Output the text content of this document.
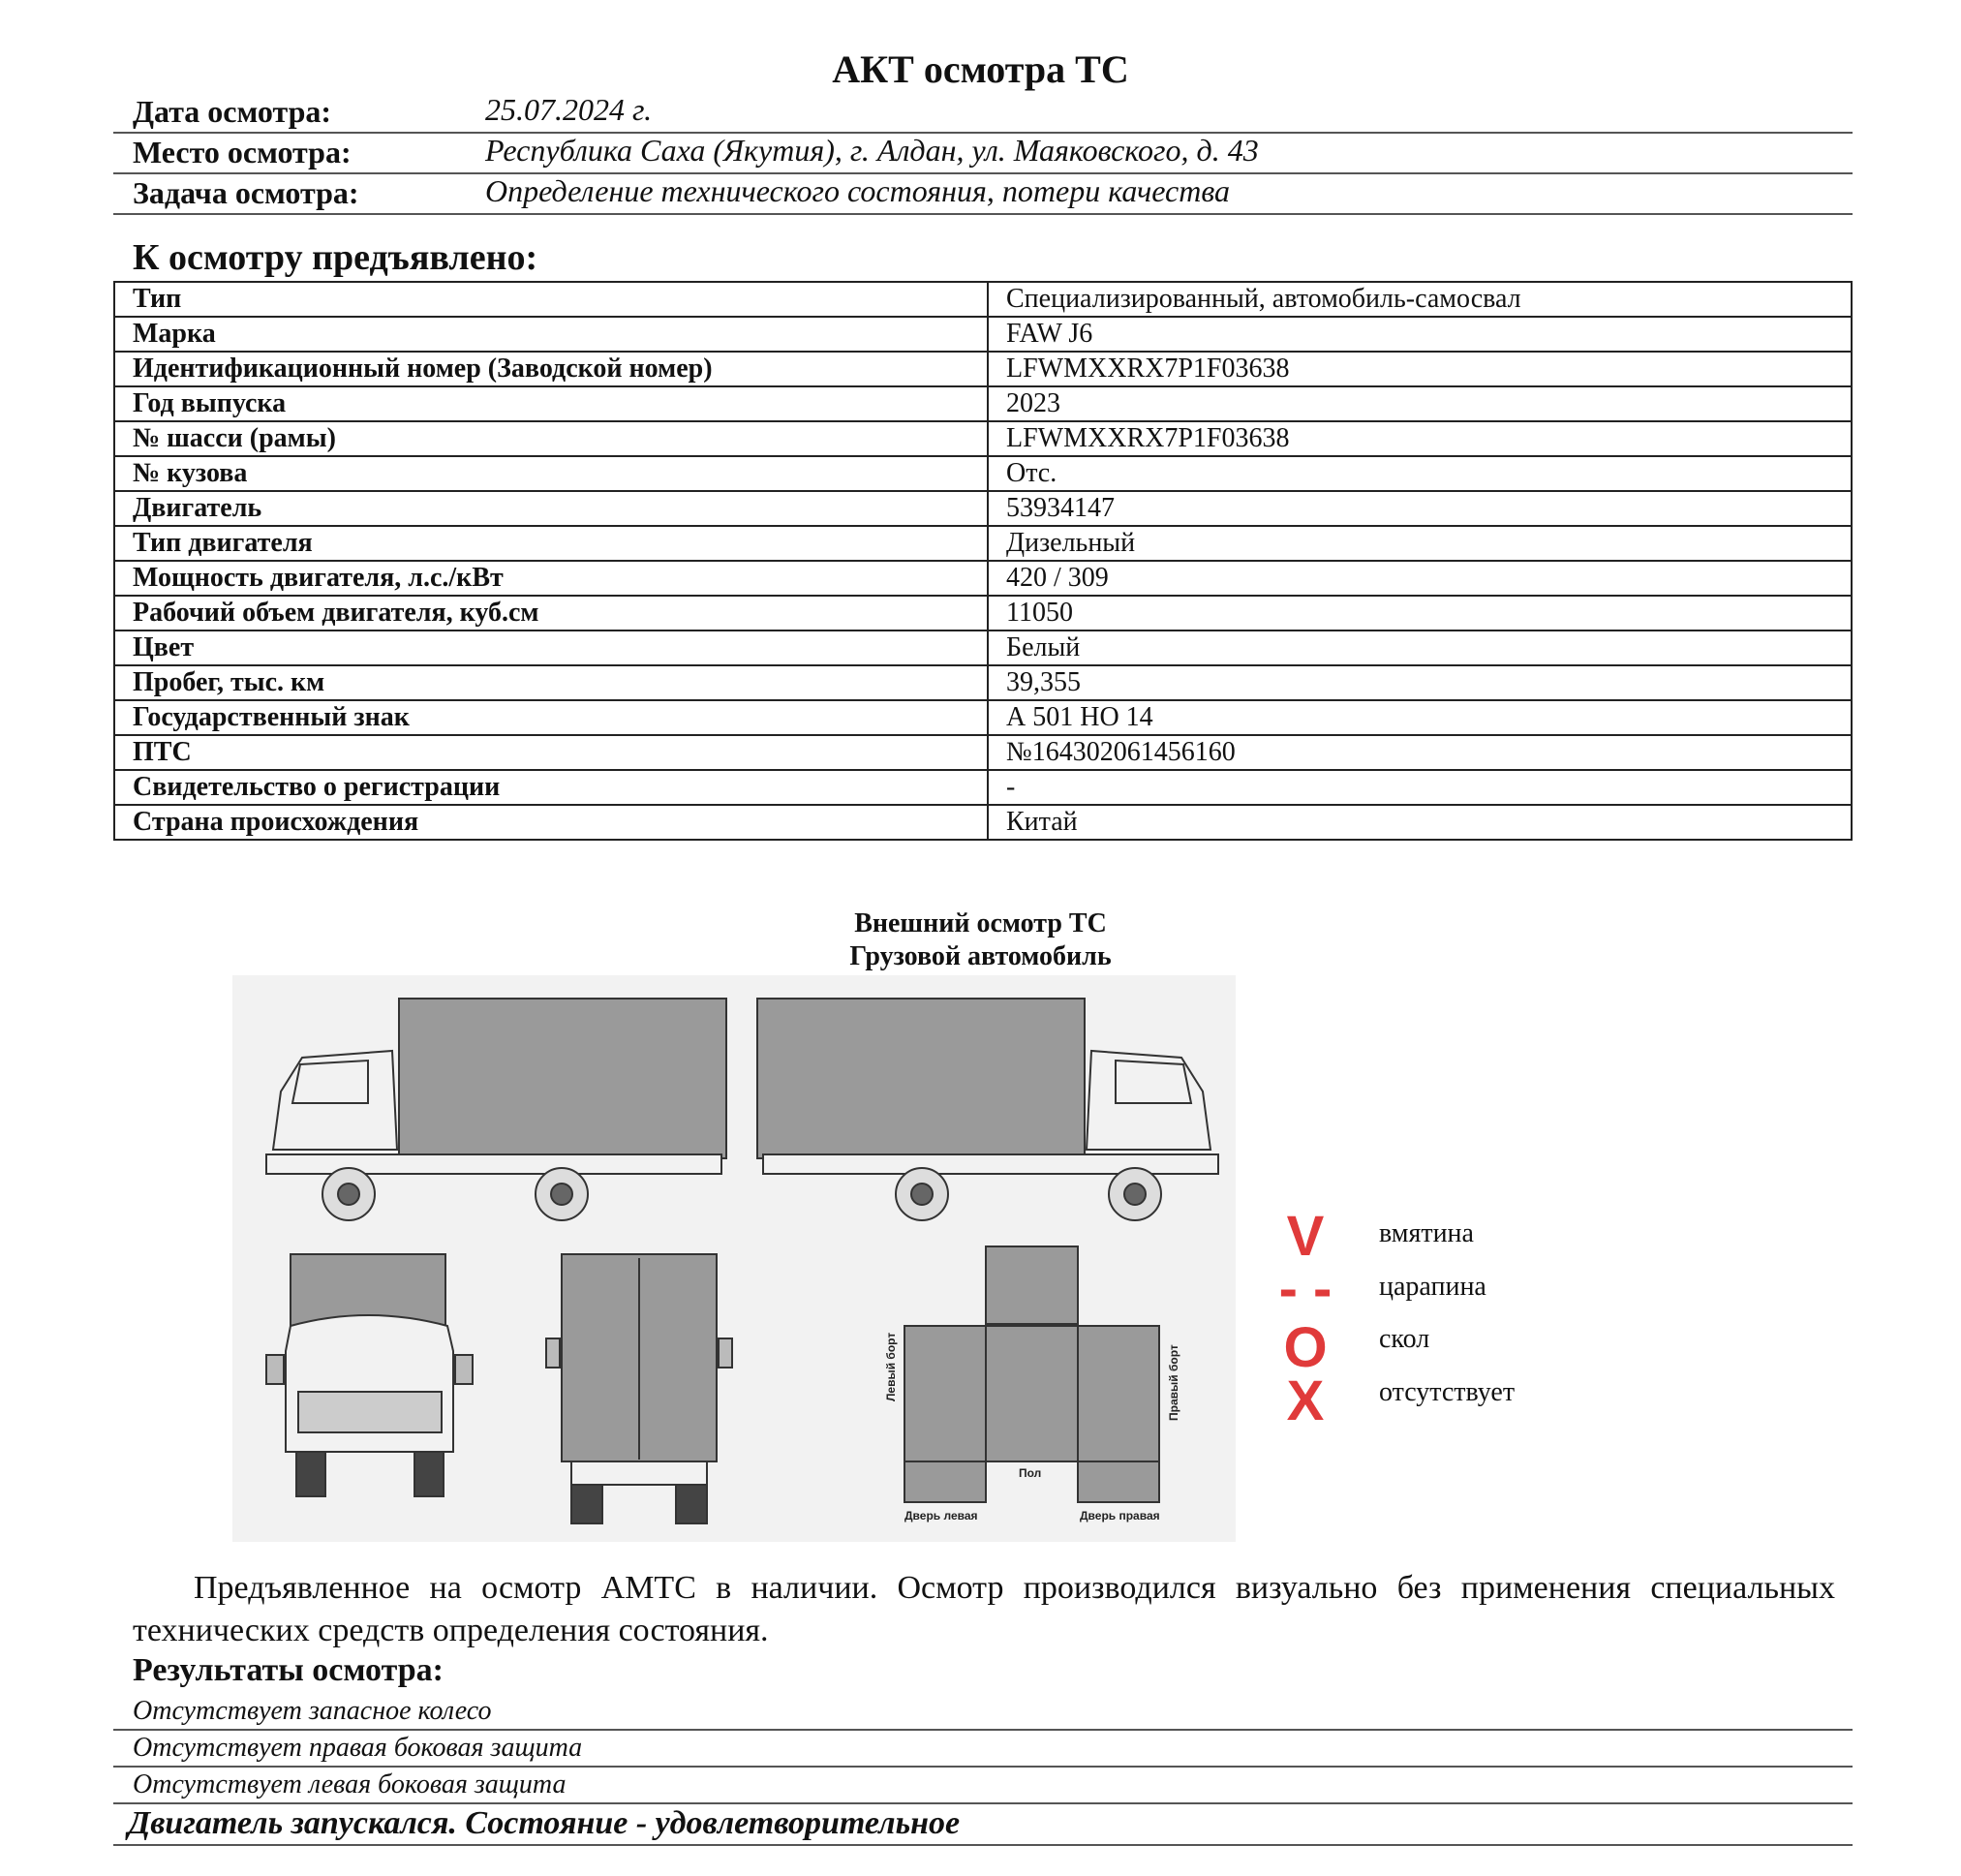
АКТ осмотра ТС
Дата осмотра:	25.07.2024 г.
Место осмотра:	Республика Саха (Якутия), г. Алдан, ул. Маяковского, д. 43
Задача осмотра:	Определение технического состояния, потери качества
К осмотру предъявлено:
Тип	Специализированный, автомобиль-самосвал
Марка	FAW J6
Идентификационный номер (Заводской номер)	LFWMXXRX7P1F03638
Год выпуска	2023
№ шасси (рамы)	LFWMXXRX7P1F03638
№ кузова	Отс.
Двигатель	53934147
Тип двигателя	Дизельный
Мощность двигателя, л.с./кВт	420 / 309
Рабочий объем двигателя, куб.см	11050
Цвет	Белый
Пробег, тыс. км	39,355
Государственный знак	А 501 НО 14
ПТС	№164302061456160
Свидетельство о регистрации	-
Страна происхождения	Китай
Внешний осмотр ТС
Грузовой автомобиль
Левый борт	Правый борт
Пол
Дверь левая	Дверь правая
V	вмятина
- - царапина
O скол
X	отсутствует
Предъявленное на осмотр АМТС в наличии. Осмотр производился визуально без применения специальных технических средств определения состояния.
Результаты осмотра:
Отсутствует запасное колесо
Отсутствует правая боковая защита
Отсутствует левая боковая защита
Двигатель запускался. Состояние - удовлетворительное
